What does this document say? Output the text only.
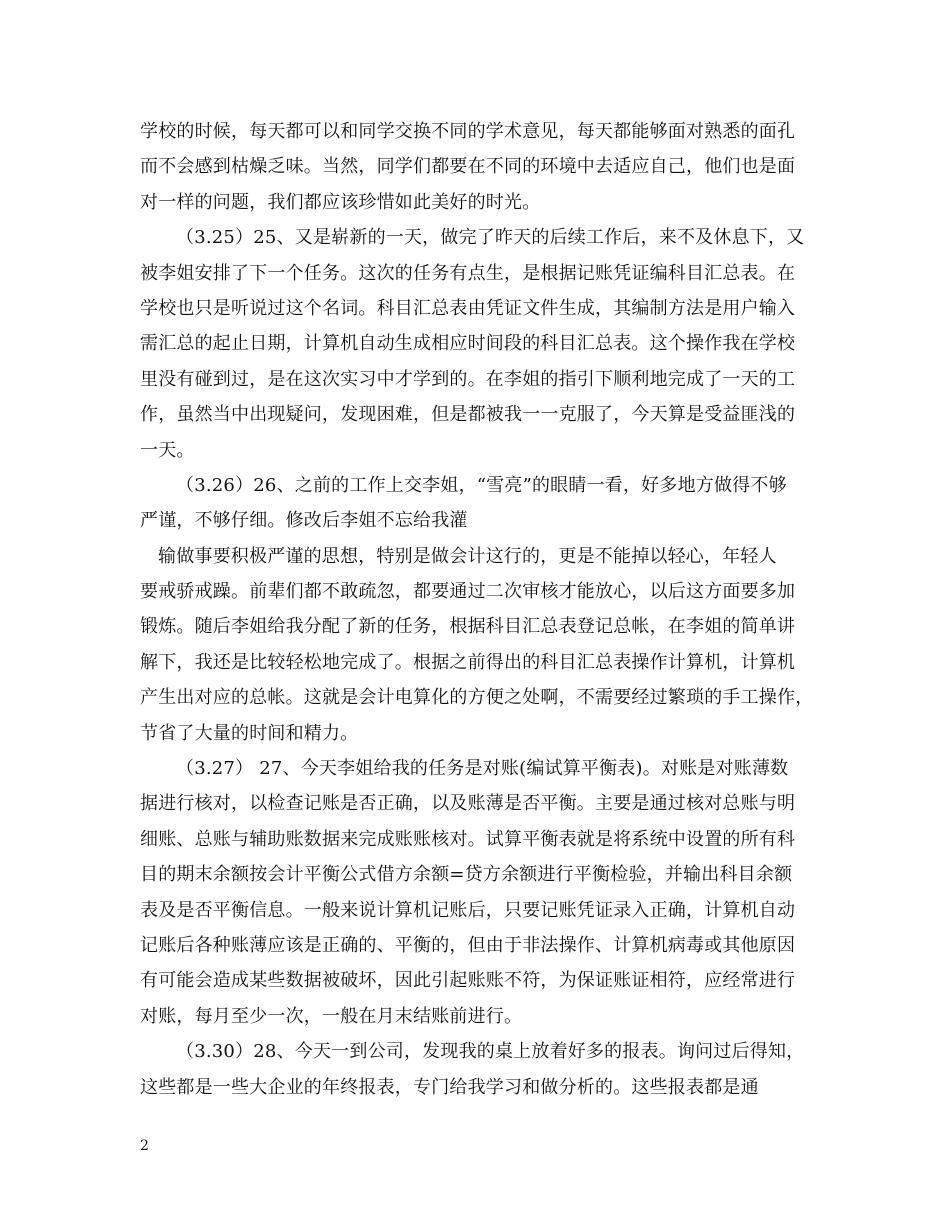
学校的时候，每天都可以和同学交换不同的学术意见，每天都能够面对熟悉的面孔
而不会感到枯燥乏味。当然，同学们都要在不同的环境中去适应自己，他们也是面
对一样的问题，我们都应该珍惜如此美好的时光。
（3.25）25、又是崭新的一天，做完了昨天的后续工作后，来不及休息下，又
被李姐安排了下一个任务。这次的任务有点生，是根据记账凭证编科目汇总表。在
学校也只是听说过这个名词。科目汇总表由凭证文件生成，其编制方法是用户输入
需汇总的起止日期，计算机自动生成相应时间段的科目汇总表。这个操作我在学校
里没有碰到过，是在这次实习中才学到的。在李姐的指引下顺利地完成了一天的工
作，虽然当中出现疑问，发现困难，但是都被我一一克服了，今天算是受益匪浅的
一天。
（3.26）26、之前的工作上交李姐，“雪亮”的眼睛一看，好多地方做得不够
严谨，不够仔细。修改后李姐不忘给我灌
输做事要积极严谨的思想，特别是做会计这行的，更是不能掉以轻心，年轻人
要戒骄戒躁。前辈们都不敢疏忽，都要通过二次审核才能放心，以后这方面要多加
锻炼。随后李姐给我分配了新的任务，根据科目汇总表登记总帐，在李姐的简单讲
解下，我还是比较轻松地完成了。根据之前得出的科目汇总表操作计算机，计算机
产生出对应的总帐。这就是会计电算化的方便之处啊，不需要经过繁琐的手工操作，
节省了大量的时间和精力。
（3.27） 27、今天李姐给我的任务是对账(编试算平衡表)。对账是对账薄数
据进行核对，以检查记账是否正确，以及账薄是否平衡。主要是通过核对总账与明
细账、总账与辅助账数据来完成账账核对。试算平衡表就是将系统中设置的所有科
目的期末余额按会计平衡公式借方余额=贷方余额进行平衡检验，并输出科目余额
表及是否平衡信息。一般来说计算机记账后，只要记账凭证录入正确，计算机自动
记账后各种账薄应该是正确的、平衡的，但由于非法操作、计算机病毒或其他原因
有可能会造成某些数据被破坏，因此引起账账不符，为保证账证相符，应经常进行
对账，每月至少一次，一般在月末结账前进行。
（3.30）28、今天一到公司，发现我的桌上放着好多的报表。询问过后得知，
这些都是一些大企业的年终报表，专门给我学习和做分析的。这些报表都是通
2
